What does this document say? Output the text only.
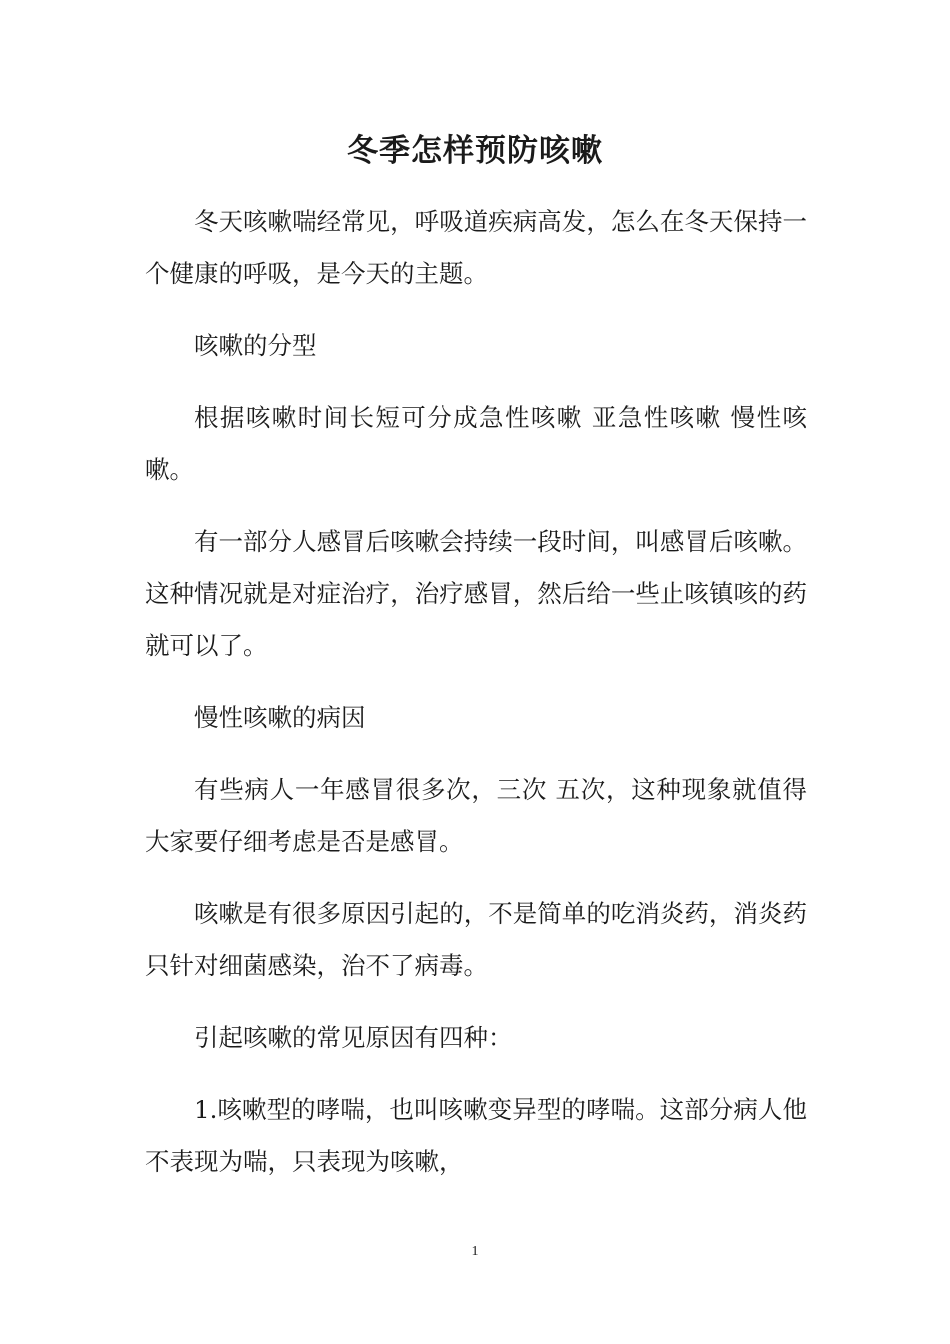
冬季怎样预防咳嗽

冬天咳嗽喘经常见，呼吸道疾病高发，怎么在冬天保持一个健康的呼吸，是今天的主题。

咳嗽的分型

根据咳嗽时间长短可分成急性咳嗽 亚急性咳嗽 慢性咳嗽。

有一部分人感冒后咳嗽会持续一段时间，叫感冒后咳嗽。这种情况就是对症治疗，治疗感冒，然后给一些止咳镇咳的药就可以了。

慢性咳嗽的病因

有些病人一年感冒很多次，三次 五次，这种现象就值得大家要仔细考虑是否是感冒。

咳嗽是有很多原因引起的，不是简单的吃消炎药，消炎药只针对细菌感染，治不了病毒。

引起咳嗽的常见原因有四种：

1.咳嗽型的哮喘，也叫咳嗽变异型的哮喘。这部分病人他不表现为喘，只表现为咳嗽，

1
